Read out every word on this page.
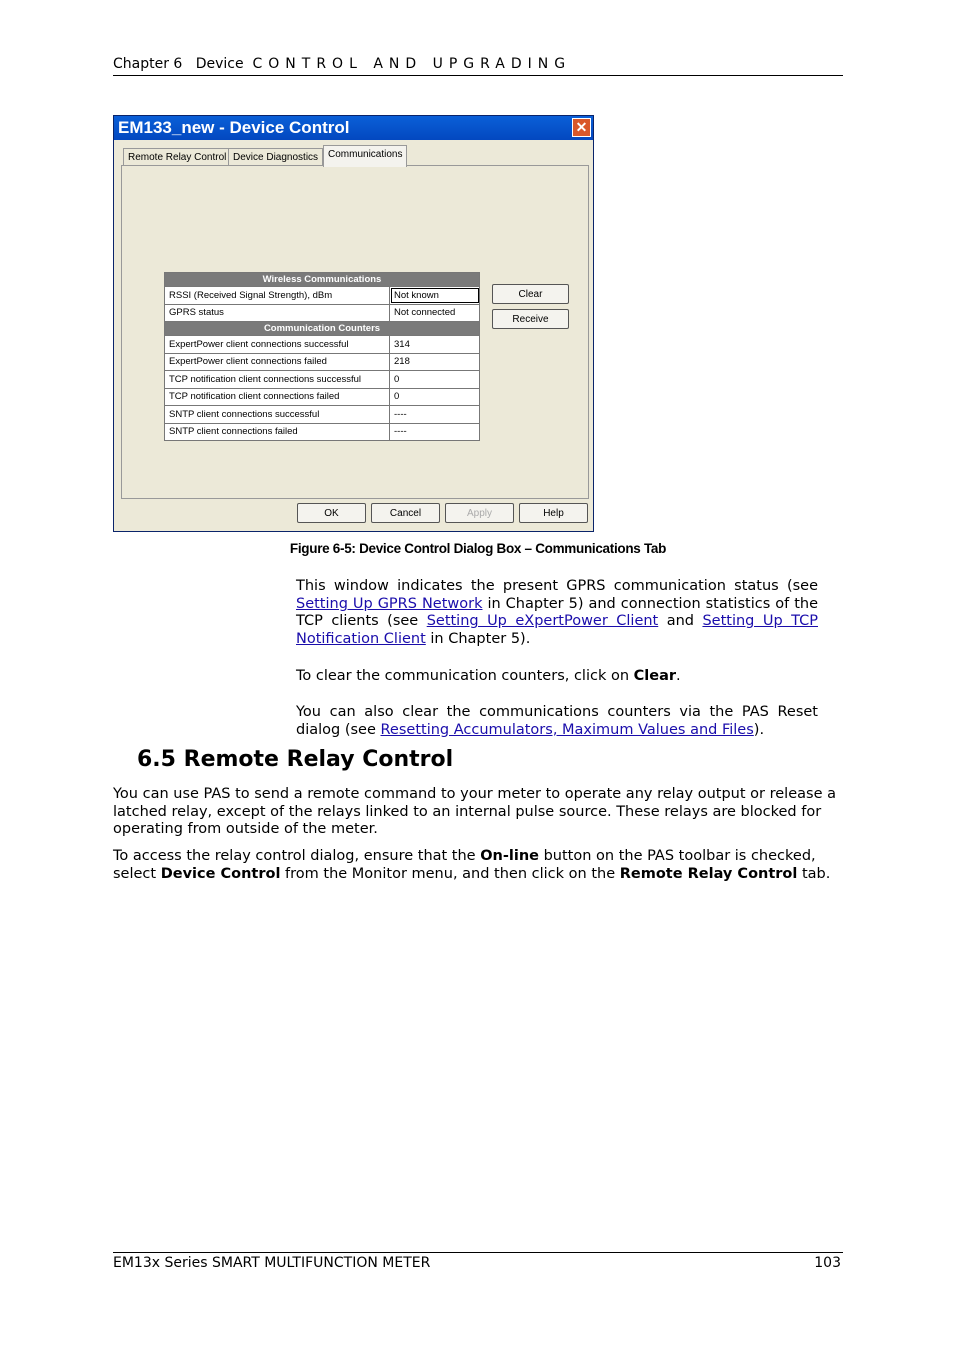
Chapter 6 Device CONTROL AND UPGRADING
EM133_new - Device Control	✕
Remote Relay Control Device Diagnostics Communications
Wireless Communications	
RSSI (Received Signal Strength), dBm	Not known
GPRS status	Not connected
Communication Counters	
ExpertPower client connections successful	314
ExpertPower client connections failed	218
TCP notification client connections successful	0
TCP notification client connections failed	0
SNTP client connections successful	----
SNTP client connections failed	----
Clear
Receive
OK	Cancel	Apply	Help
Figure 6-5: Device Control Dialog Box – Communications Tab

This window indicates the present GPRS communication status (see Setting Up GPRS Network in Chapter 5) and connection statistics of the TCP clients (see Setting Up eXpertPower Client and Setting Up TCP Notification Client in Chapter 5).

To clear the communication counters, click on Clear.

You can also clear the communications counters via the PAS Reset dialog (see Resetting Accumulators, Maximum Values and Files).

6.5 Remote Relay Control

You can use PAS to send a remote command to your meter to operate any relay output or release a latched relay, except of the relays linked to an internal pulse source. These relays are blocked for operating from outside of the meter.

To access the relay control dialog, ensure that the On-line button on the PAS toolbar is checked, select Device Control from the Monitor menu, and then click on the Remote Relay Control tab.

EM13x Series SMART MULTIFUNCTION METER	103
